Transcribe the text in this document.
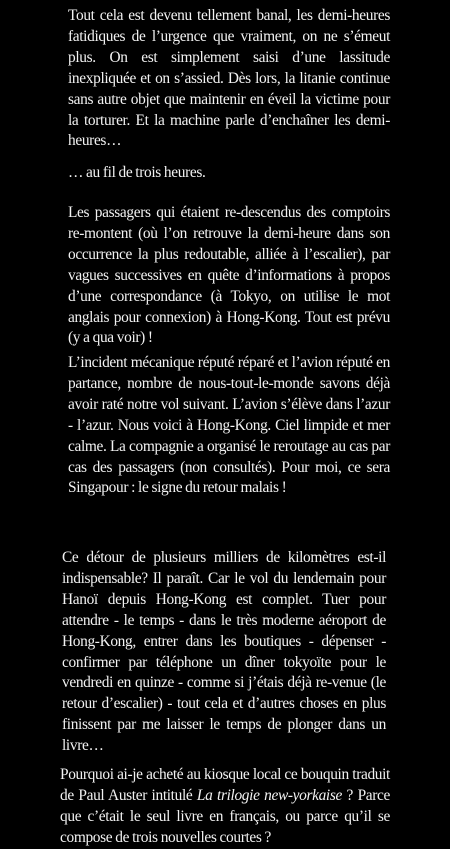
Tout cela est devenu tellement banal, les demi-heures fatidiques de l’urgence que vraiment, on ne s’émeut plus. On est simplement saisi d’une lassitude inexpliquée et on s’assied. Dès lors, la litanie continue sans autre objet que maintenir en éveil la victime pour la torturer. Et la machine parle d’enchaîner les demi-heures…

… au fil de trois heures.

Les passagers qui étaient re-descendus des comptoirs re-montent (où l’on retrouve la demi-heure dans son occurrence la plus redoutable, alliée à l’escalier), par vagues successives en quête d’informations à propos d’une correspondance (à Tokyo, on utilise le mot anglais pour connexion) à Hong-Kong. Tout est prévu (y a qua voir) !

L’incident mécanique réputé réparé et l’avion réputé en partance, nombre de nous-tout-le-monde savons déjà avoir raté notre vol suivant. L’avion s’élève dans l’azur - l’azur. Nous voici à Hong-Kong. Ciel limpide et mer calme. La compagnie a organisé le reroutage au cas par cas des passagers (non consultés). Pour moi, ce sera Singapour : le signe du retour malais !

Ce détour de plusieurs milliers de kilomètres est-il indispensable? Il paraît. Car le vol du lendemain pour Hanoï depuis Hong-Kong est complet. Tuer pour attendre - le temps - dans le très moderne aéroport de Hong-Kong, entrer dans les boutiques - dépenser - confirmer par téléphone un dîner tokyoïte pour le vendredi en quinze - comme si j’étais déjà re-venue (le retour d’escalier) - tout cela et d’autres choses en plus finissent par me laisser le temps de plonger dans un livre…

Pourquoi ai-je acheté au kiosque local ce bouquin traduit de Paul Auster intitulé La trilogie new-yorkaise ? Parce que c’était le seul livre en français, ou parce qu’il se compose de trois nouvelles courtes ?
